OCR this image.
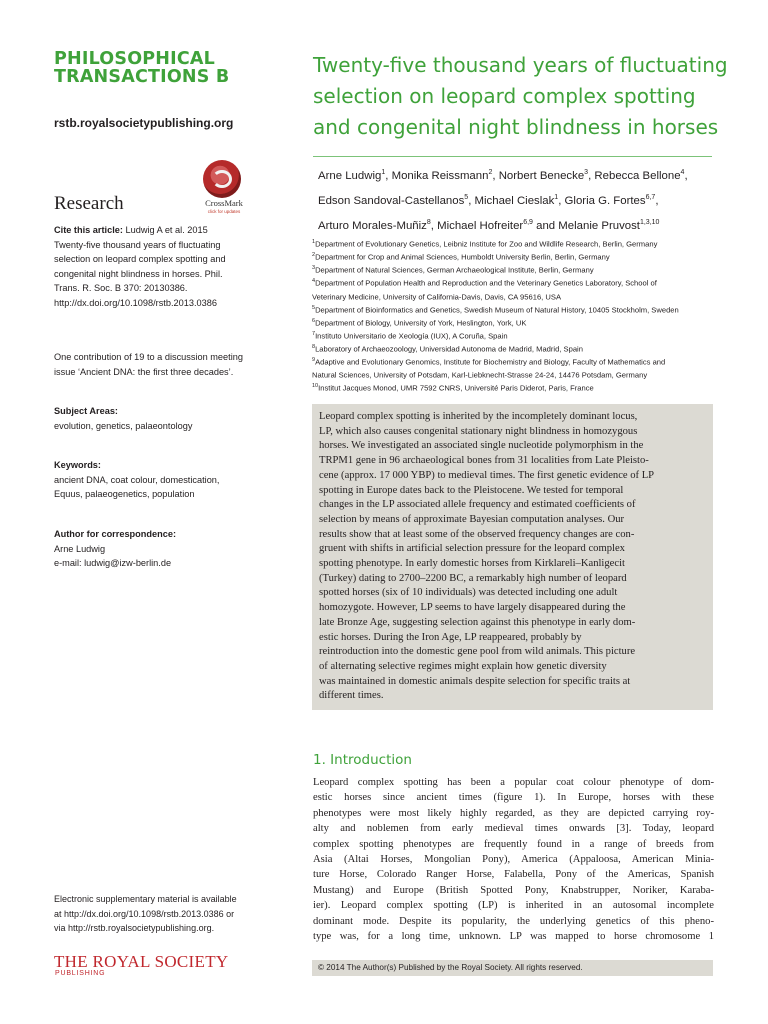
PHILOSOPHICAL
TRANSACTIONS B
rstb.royalsocietypublishing.org
Research	CrossMark
click for updates
Cite this article: Ludwig A et al. 2015
Twenty-five thousand years of fluctuating
selection on leopard complex spotting and
congenital night blindness in horses. Phil.
Trans. R. Soc. B 370: 20130386.
http://dx.doi.org/10.1098/rstb.2013.0386
One contribution of 19 to a discussion meeting
issue ‘Ancient DNA: the first three decades’.
Subject Areas:
evolution, genetics, palaeontology
Keywords:
ancient DNA, coat colour, domestication,
Equus, palaeogenetics, population
Author for correspondence:
Arne Ludwig
e-mail: ludwig@izw-berlin.de
Twenty-five thousand years of fluctuating
selection on leopard complex spotting
and congenital night blindness in horses
Arne Ludwig$^1$, Monika Reissmann$^2$, Norbert Benecke$^3$, Rebecca Bellone$^4$,
Edson Sandoval-Castellanos$^5$, Michael Cieslak$^1$, Gloria G. Fortes$^{6,7}$,
Arturo Morales-Muñiz$^8$, Michael Hofreiter$^{6,9}$ and Melanie Pruvost$^{1,3,10}$
$^1$Department of Evolutionary Genetics, Leibniz Institute for Zoo and Wildlife Research, Berlin, Germany
$^2$Department for Crop and Animal Sciences, Humboldt University Berlin, Berlin, Germany
$^3$Department of Natural Sciences, German Archaeological Institute, Berlin, Germany
$^4$Department of Population Health and Reproduction and the Veterinary Genetics Laboratory, School of
Veterinary Medicine, University of California-Davis, Davis, CA 95616, USA
$^5$Department of Bioinformatics and Genetics, Swedish Museum of Natural History, 10405 Stockholm, Sweden
$^6$Department of Biology, University of York, Heslington, York, UK
$^7$Instituto Universitario de Xeología (IUX), A Coruña, Spain
$^8$Laboratory of Archaeozoology, Universidad Autonoma de Madrid, Madrid, Spain
$^9$Adaptive and Evolutionary Genomics, Institute for Biochemistry and Biology, Faculty of Mathematics and
Natural Sciences, University of Potsdam, Karl-Liebknecht-Strasse 24-24, 14476 Potsdam, Germany
$^{10}$Institut Jacques Monod, UMR 7592 CNRS, Université Paris Diderot, Paris, France
Leopard complex spotting is inherited by the incompletely dominant locus,
LP, which also causes congenital stationary night blindness in homozygous
horses. We investigated an associated single nucleotide polymorphism in the
TRPM1 gene in 96 archaeological bones from 31 localities from Late Pleisto-
cene (approx. 17 000 YBP) to medieval times. The first genetic evidence of LP
spotting in Europe dates back to the Pleistocene. We tested for temporal
changes in the LP associated allele frequency and estimated coefficients of
selection by means of approximate Bayesian computation analyses. Our
results show that at least some of the observed frequency changes are con-
gruent with shifts in artificial selection pressure for the leopard complex
spotting phenotype. In early domestic horses from Kirklareli–Kanligecit
(Turkey) dating to 2700–2200 BC, a remarkably high number of leopard
spotted horses (six of 10 individuals) was detected including one adult
homozygote. However, LP seems to have largely disappeared during the
late Bronze Age, suggesting selection against this phenotype in early dom-
estic horses. During the Iron Age, LP reappeared, probably by
reintroduction into the domestic gene pool from wild animals. This picture
of alternating selective regimes might explain how genetic diversity
was maintained in domestic animals despite selection for specific traits at
different times.
1. Introduction
Leopard complex spotting has been a popular coat colour phenotype of dom-
estic horses since ancient times (figure 1). In Europe, horses with these
phenotypes were most likely highly regarded, as they are depicted carrying roy-
alty and noblemen from early medieval times onwards [3]. Today, leopard
complex spotting phenotypes are frequently found in a range of breeds from
Asia (Altai Horses, Mongolian Pony), America (Appaloosa, American Minia-
ture Horse, Colorado Ranger Horse, Falabella, Pony of the Americas, Spanish
Mustang) and Europe (British Spotted Pony, Knabstrupper, Noriker, Karaba-
ier). Leopard complex spotting (LP) is inherited in an autosomal incomplete
dominant mode. Despite its popularity, the underlying genetics of this pheno-
type was, for a long time, unknown. LP was mapped to horse chromosome 1
Electronic supplementary material is available
at http://dx.doi.org/10.1098/rstb.2013.0386 or
via http://rstb.royalsocietypublishing.org.
THE ROYAL SOCIETY
PUBLISHING
© 2014 The Author(s) Published by the Royal Society. All rights reserved.
